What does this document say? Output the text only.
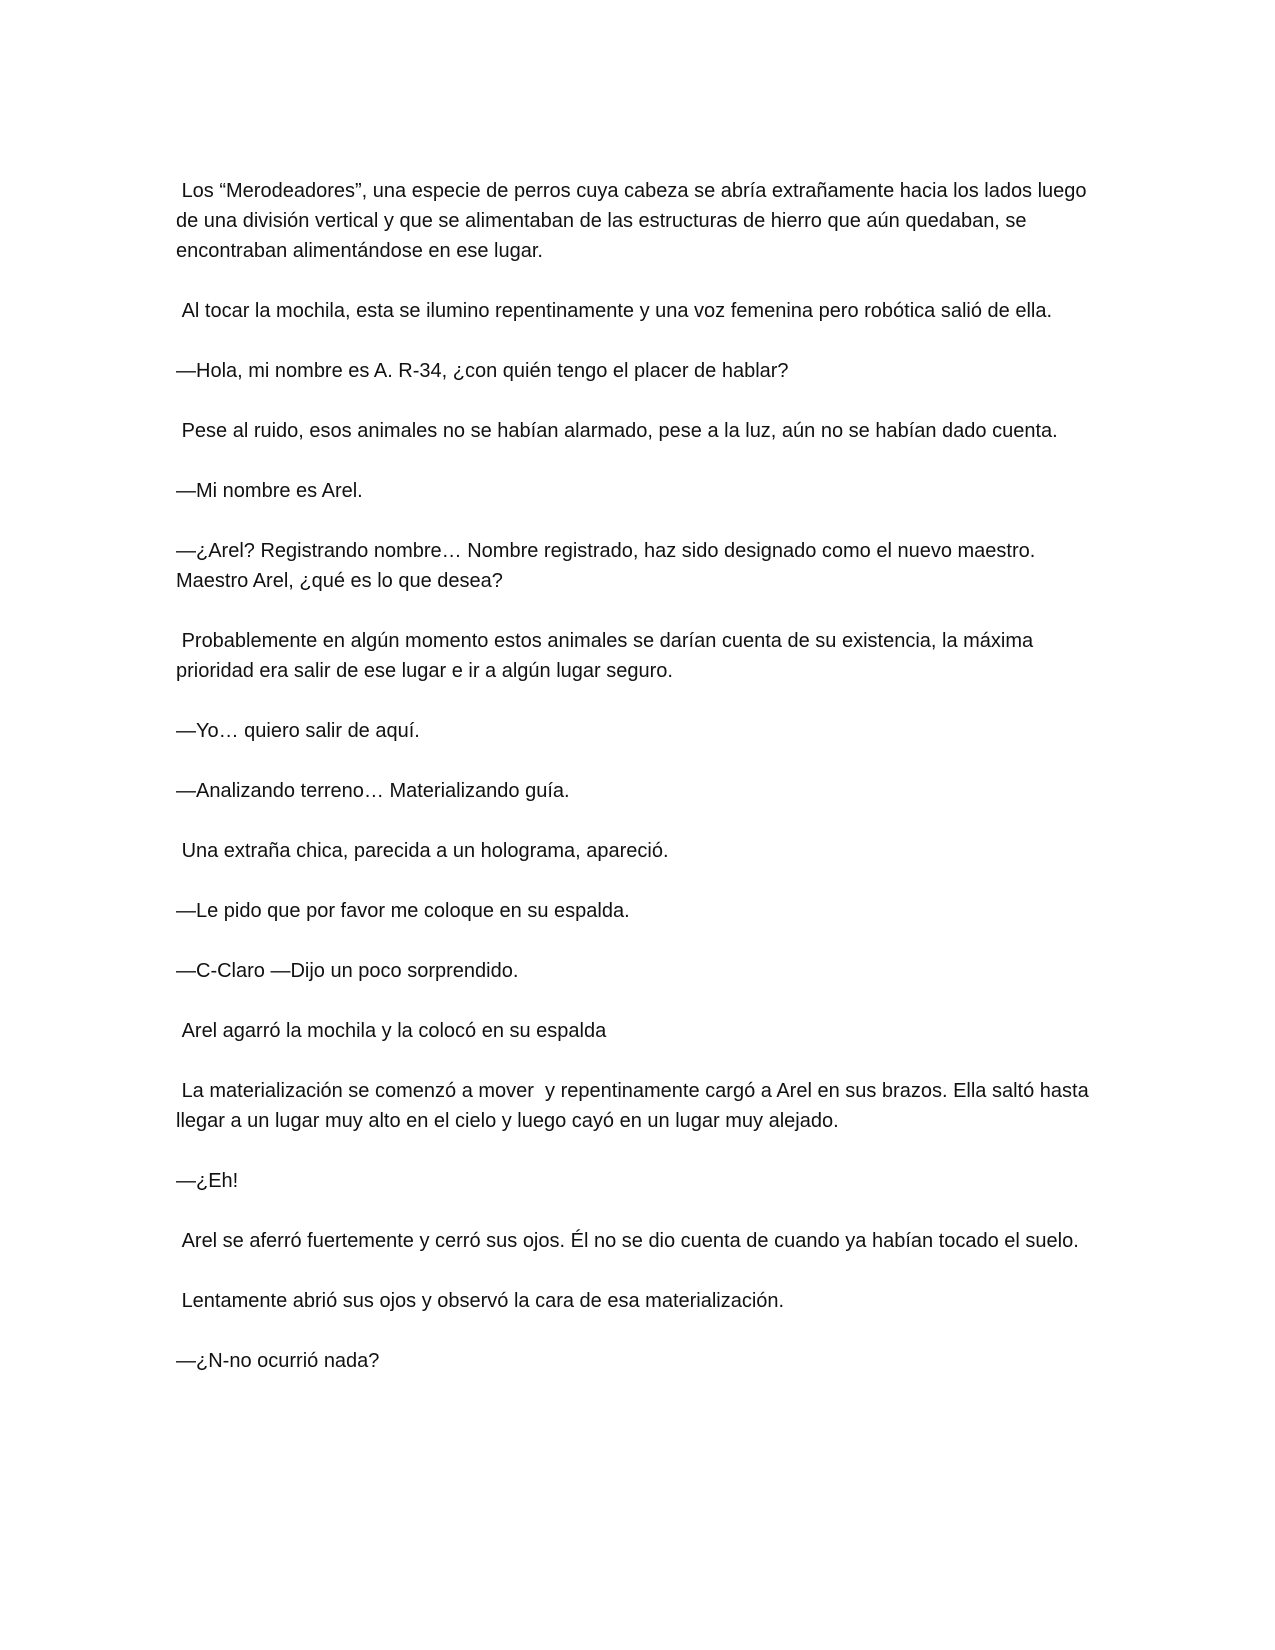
Los “Merodeadores”, una especie de perros cuya cabeza se abría extrañamente hacia los lados luego de una división vertical y que se alimentaban de las estructuras de hierro que aún quedaban, se encontraban alimentándose en ese lugar.

Al tocar la mochila, esta se ilumino repentinamente y una voz femenina pero robótica salió de ella.

—Hola, mi nombre es A. R-34, ¿con quién tengo el placer de hablar?

Pese al ruido, esos animales no se habían alarmado, pese a la luz, aún no se habían dado cuenta.

—Mi nombre es Arel.

—¿Arel? Registrando nombre… Nombre registrado, haz sido designado como el nuevo maestro. Maestro Arel, ¿qué es lo que desea?

Probablemente en algún momento estos animales se darían cuenta de su existencia, la máxima prioridad era salir de ese lugar e ir a algún lugar seguro.

—Yo… quiero salir de aquí.

—Analizando terreno… Materializando guía.

Una extraña chica, parecida a un holograma, apareció.

—Le pido que por favor me coloque en su espalda.

—C-Claro —Dijo un poco sorprendido.

Arel agarró la mochila y la colocó en su espalda

La materialización se comenzó a mover  y repentinamente cargó a Arel en sus brazos. Ella saltó hasta llegar a un lugar muy alto en el cielo y luego cayó en un lugar muy alejado.

—¿Eh!

Arel se aferró fuertemente y cerró sus ojos. Él no se dio cuenta de cuando ya habían tocado el suelo.

Lentamente abrió sus ojos y observó la cara de esa materialización.

—¿N-no ocurrió nada?
